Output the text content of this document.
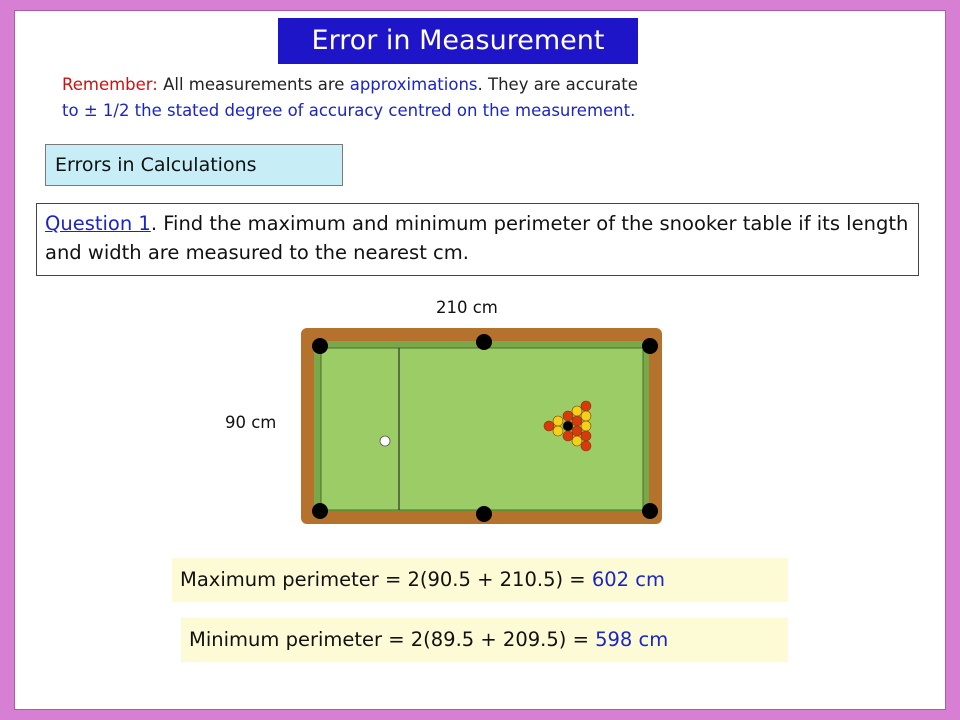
Error in Measurement
Remember: All measurements are approximations. They are accurate
to ± 1/2 the stated degree of accuracy centred on the measurement.
Errors in Calculations
Question 1. Find the maximum and minimum perimeter of the snooker table if its length and width are measured to the nearest cm.
210 cm
90 cm
Maximum perimeter = 2(90.5 + 210.5) = 602 cm
Minimum perimeter = 2(89.5 + 209.5) = 598 cm
